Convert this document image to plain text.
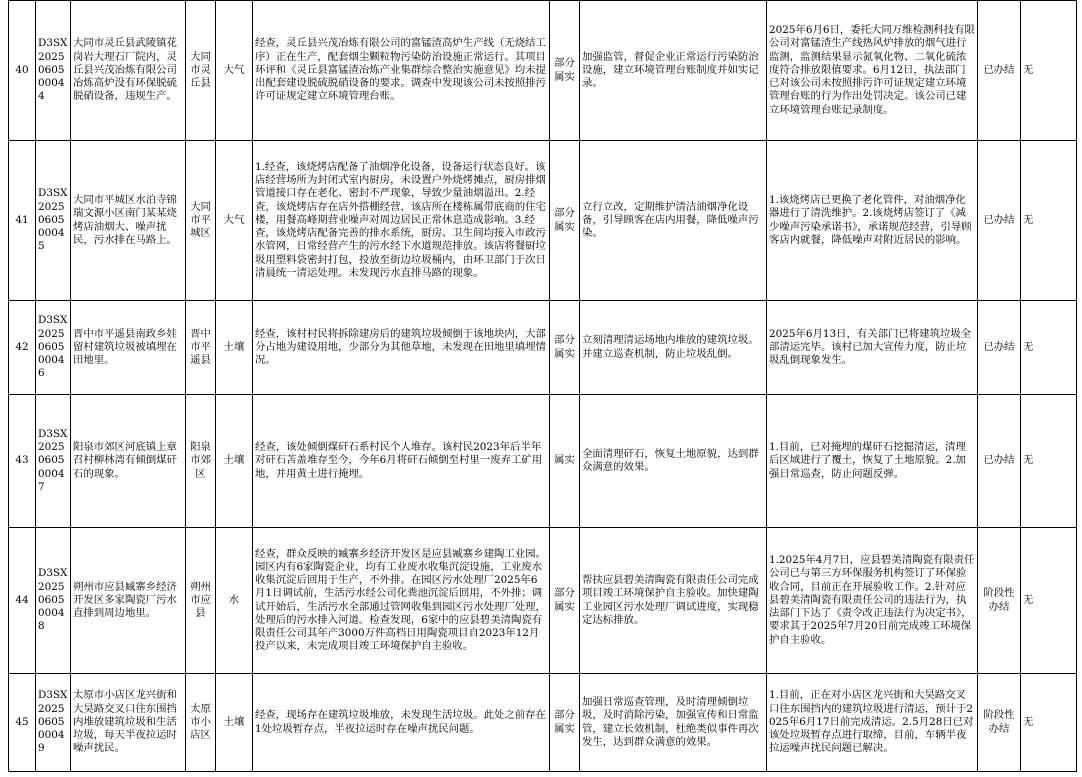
40	D3SX2025060500044	大同市灵丘县武陵镇花岗岩大理石厂院内，灵丘县兴茂冶炼有限公司冶炼高炉没有环保脱硫脱硝设备，违规生产。	大同市灵丘县	大气	经查，灵丘县兴茂冶炼有限公司的富锰渣高炉生产线（无烧结工序）正在生产，配套烟尘颗粒物污染防治设施正常运行。其项目环评和《灵丘县富锰渣冶炼产业集群综合整治实施意见》均未提出配套建设脱硫脱硝设备的要求。调查中发现该公司未按照排污许可证规定建立环境管理台账。	部分属实	加强监管，督促企业正常运行污染防治设施，建立环境管理台账制度并如实记录。	2025年6月6日，委托大同万维检测科技有限公司对富锰渣生产线热风炉排放的烟气进行监测，监测结果显示氮氧化物、二氧化硫浓度符合排放限值要求。6月12日，执法部门已对该公司未按照排污许可证规定建立环境管理台账的行为作出处罚决定。该公司已建立环境管理台账记录制度。	已办结	无
41	D3SX2025060500045	大同市平城区水泊寺锦瑞文源小区南门某某烧烤店油烟大、噪声扰民，污水排在马路上。	大同市平城区	大气	1.经查，该烧烤店配备了油烟净化设备，设备运行状态良好。该店经营场所为封闭式室内厨房，未设置户外烧烤摊点，厨房排烟管道接口存在老化、密封不严现象，导致少量油烟溢出。2.经查，该烧烤店存在店外搭棚经营，该店所在楼栋属带底商的住宅楼，用餐高峰期营业噪声对周边居民正常休息造成影响。3.经查，该烧烤店配备完善的排水系统，厨房、卫生间均接入市政污水管网，日常经营产生的污水经下水道规范排放。该店将餐厨垃圾用塑料袋密封打包，投放至街边垃圾桶内，由环卫部门于次日清晨统一清运处理。未发现污水直排马路的现象。	部分属实	立行立改，定期维护清洁油烟净化设备，引导顾客在店内用餐，降低噪声污染。	1.该烧烤店已更换了老化管件，对油烟净化器进行了清洗维护。2.该烧烤店签订了《减少噪声污染承诺书》，承诺规范经营，引导顾客店内就餐，降低噪声对附近居民的影响。	已办结	无
42	D3SX2025060500046	晋中市平遥县南政乡娃留村建筑垃圾被填埋在田地里。	晋中市平遥县	土壤	经查，该村村民将拆除建房后的建筑垃圾倾倒于该地块内，大部分占地为建设用地，少部分为其他草地，未发现在田地里填埋情况。	部分属实	立刻清理清运场地内堆放的建筑垃圾。并建立巡查机制，防止垃圾乱倒。	2025年6月13日，有关部门已将建筑垃圾全部清运完毕。该村已加大宣传力度，防止垃圾乱倒现象发生。	已办结	无
43	D3SX2025060500047	阳泉市郊区河底镇上章召村柳林湾有倾倒煤矸石的现象。	阳泉市郊区	土壤	经查，该处倾倒煤矸石系村民个人堆存。该村民2023年后半年对矸石苫盖堆存至今，今年6月将矸石倾倒至村里一废弃工矿用地，并用黄土进行掩埋。	属实	全面清理矸石，恢复土地原貌，达到群众满意的效果。	1.目前，已对掩埋的煤矸石挖掘清运，清理后区域进行了覆土，恢复了土地原貌。2.加强日常巡查，防止问题反弹。	已办结	无
44	D3SX2025060500048	朔州市应县臧寨乡经济开发区多家陶瓷厂污水直排到周边地里。	朔州市应县	水	经查，群众反映的臧寨乡经济开发区是应县臧寨乡建陶工业园。园区内有6家陶瓷企业，均有工业废水收集沉淀设施，工业废水收集沉淀后回用于生产，不外排。在园区污水处理厂2025年6月1日调试前，生活污水经公司化粪池沉淀后回用，不外排；调试开始后，生活污水全部通过管网收集到园区污水处理厂处理，处理后的污水排入河道。检查发现，6家中的应县碧美清陶瓷有限责任公司其年产3000万件高档日用陶瓷项目自2023年12月投产以来，未完成项目竣工环境保护自主验收。	部分属实	帮扶应县碧美清陶瓷有限责任公司完成项目竣工环境保护自主验收。加快建陶工业园区污水处理厂调试进度，实现稳定达标排放。	1.2025年4月7日，应县碧美清陶瓷有限责任公司已与第三方环保服务机构签订了环保验收合同，目前正在开展验收工作。2.针对应县碧美清陶瓷有限责任公司的违法行为，执法部门下达了《责令改正违法行为决定书》，要求其于2025年7月20日前完成竣工环境保护自主验收。	阶段性办结	无
45	D3SX2025060500049	太原市小店区龙兴街和大昊路交叉口往东围挡内堆放建筑垃圾和生活垃圾，每天半夜拉运时噪声扰民。	太原市小店区	土壤	经查，现场存在建筑垃圾堆放，未发现生活垃圾。此处之前存在1处垃圾暂存点，半夜拉运时存在噪声扰民问题。	部分属实	加强日常巡查管理，及时清理倾倒垃圾，及时消除污染，加强宣传和日常监管，建立长效机制，杜绝类似事件再次发生，达到群众满意的效果。	1.目前，正在对小店区龙兴街和大昊路交叉口往东围挡内的建筑垃圾进行清运，预计于2025年6月17日前完成清运。2.5月28日已对该处垃圾暂存点进行取缔，目前，车辆半夜拉运噪声扰民问题已解决。	阶段性办结	无
